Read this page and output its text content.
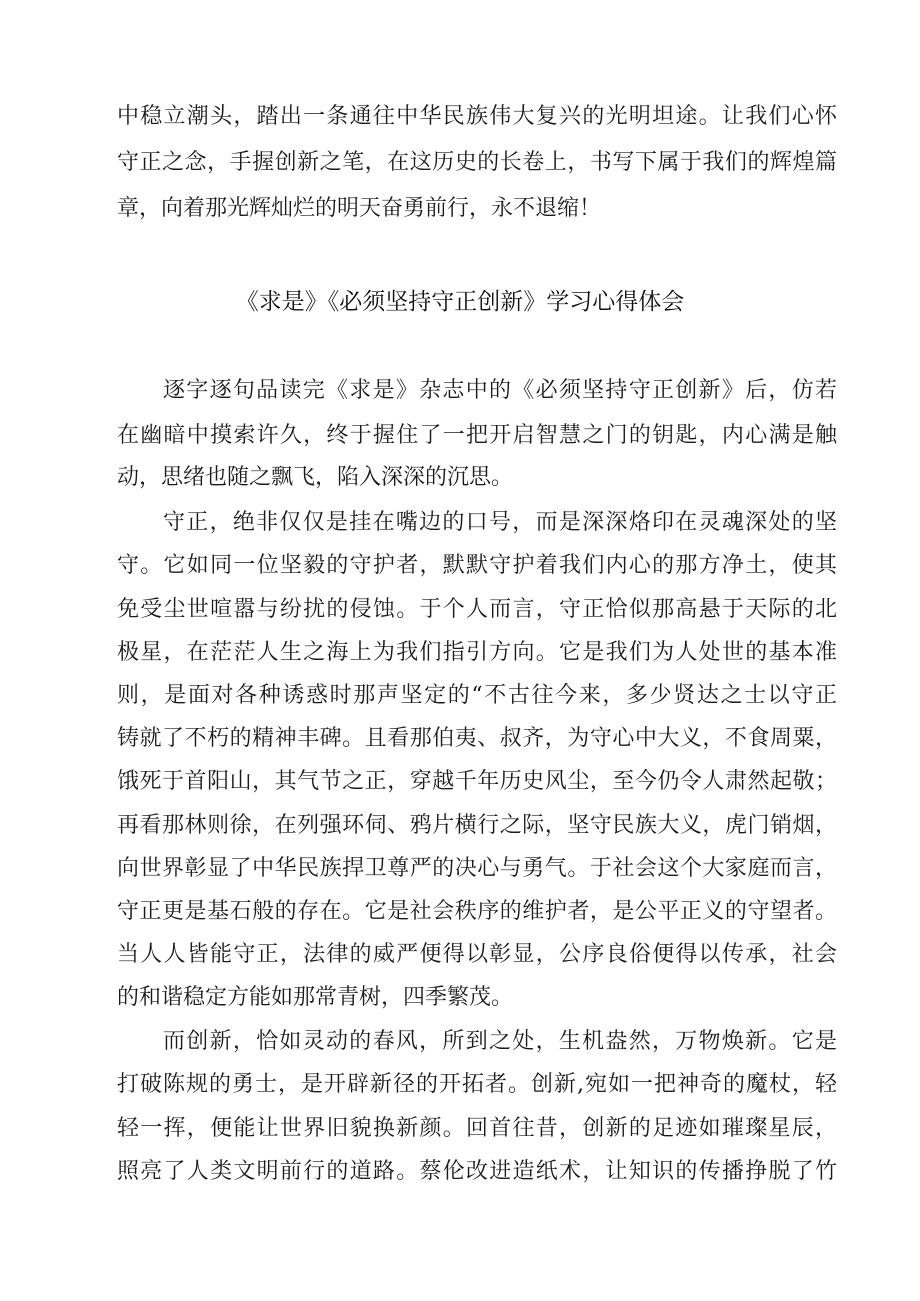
中稳立潮头，踏出一条通往中华民族伟大复兴的光明坦途。让我们心怀
守正之念，手握创新之笔，在这历史的长卷上，书写下属于我们的辉煌篇
章，向着那光辉灿烂的明天奋勇前行，永不退缩！
《求是》《必须坚持守正创新》学习心得体会
逐字逐句品读完《求是》杂志中的《必须坚持守正创新》后，仿若
在幽暗中摸索许久，终于握住了一把开启智慧之门的钥匙，内心满是触
动，思绪也随之飘飞，陷入深深的沉思。
守正，绝非仅仅是挂在嘴边的口号，而是深深烙印在灵魂深处的坚
守。它如同一位坚毅的守护者，默默守护着我们内心的那方净土，使其
免受尘世喧嚣与纷扰的侵蚀。于个人而言，守正恰似那高悬于天际的北
极星，在茫茫人生之海上为我们指引方向。它是我们为人处世的基本准
则，是面对各种诱惑时那声坚定的“不古往今来，多少贤达之士以守正
铸就了不朽的精神丰碑。且看那伯夷、叔齐，为守心中大义，不食周粟，
饿死于首阳山，其气节之正，穿越千年历史风尘，至今仍令人肃然起敬；
再看那林则徐，在列强环伺、鸦片横行之际，坚守民族大义，虎门销烟，
向世界彰显了中华民族捍卫尊严的决心与勇气。于社会这个大家庭而言，
守正更是基石般的存在。它是社会秩序的维护者，是公平正义的守望者。
当人人皆能守正，法律的威严便得以彰显，公序良俗便得以传承，社会
的和谐稳定方能如那常青树，四季繁茂。
而创新，恰如灵动的春风，所到之处，生机盎然，万物焕新。它是
打破陈规的勇士，是开辟新径的开拓者。创新,宛如一把神奇的魔杖，轻
轻一挥，便能让世界旧貌换新颜。回首往昔，创新的足迹如璀璨星辰，
照亮了人类文明前行的道路。蔡伦改进造纸术，让知识的传播挣脱了竹
